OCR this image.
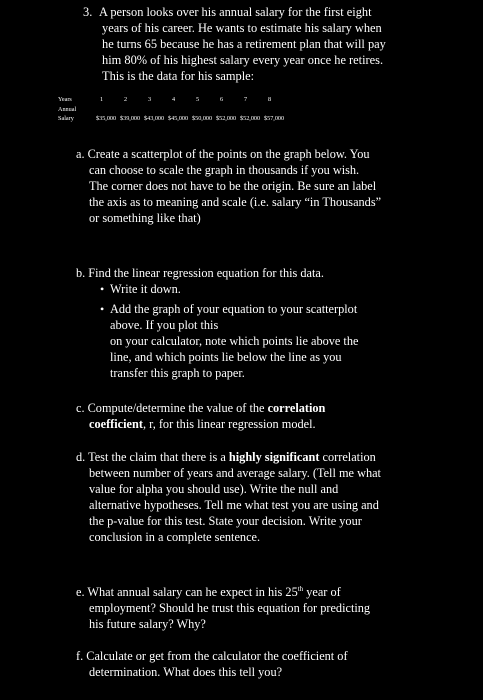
3. A person looks over his annual salary for the first eight
years of his career. He wants to estimate his salary when
he turns 65 because he has a retirement plan that will pay
him 80% of his highest salary every year once he retires.
This is the data for his sample:
Years	1	2	3	4	5	6	7	8
Annual
Salary	$35,000 $39,000 $43,000 $45,000 $50,000 $52,000 $52,000 $57,000

a. Create a scatterplot of the points on the graph below. You

can choose to scale the graph in thousands if you wish.

The corner does not have to be the origin. Be sure an label

the axis as to meaning and scale (i.e. salary “in Thousands”

or something like that)

b. Find the linear regression equation for this data.

• Write it down.
• Add the graph of your equation to your scatterplot
above. If you plot this
on your calculator, note which points lie above the
line, and which points lie below the line as you
transfer this graph to paper.

c. Compute/determine the value of the correlation

coefficient, r, for this linear regression model.

d. Test the claim that there is a highly significant correlation

between number of years and average salary. (Tell me what

value for alpha you should use). Write the null and

alternative hypotheses. Tell me what test you are using and

the p-value for this test. State your decision. Write your

conclusion in a complete sentence.

e. What annual salary can he expect in his 25th year of

employment? Should he trust this equation for predicting

his future salary? Why?

f. Calculate or get from the calculator the coefficient of

determination. What does this tell you?
